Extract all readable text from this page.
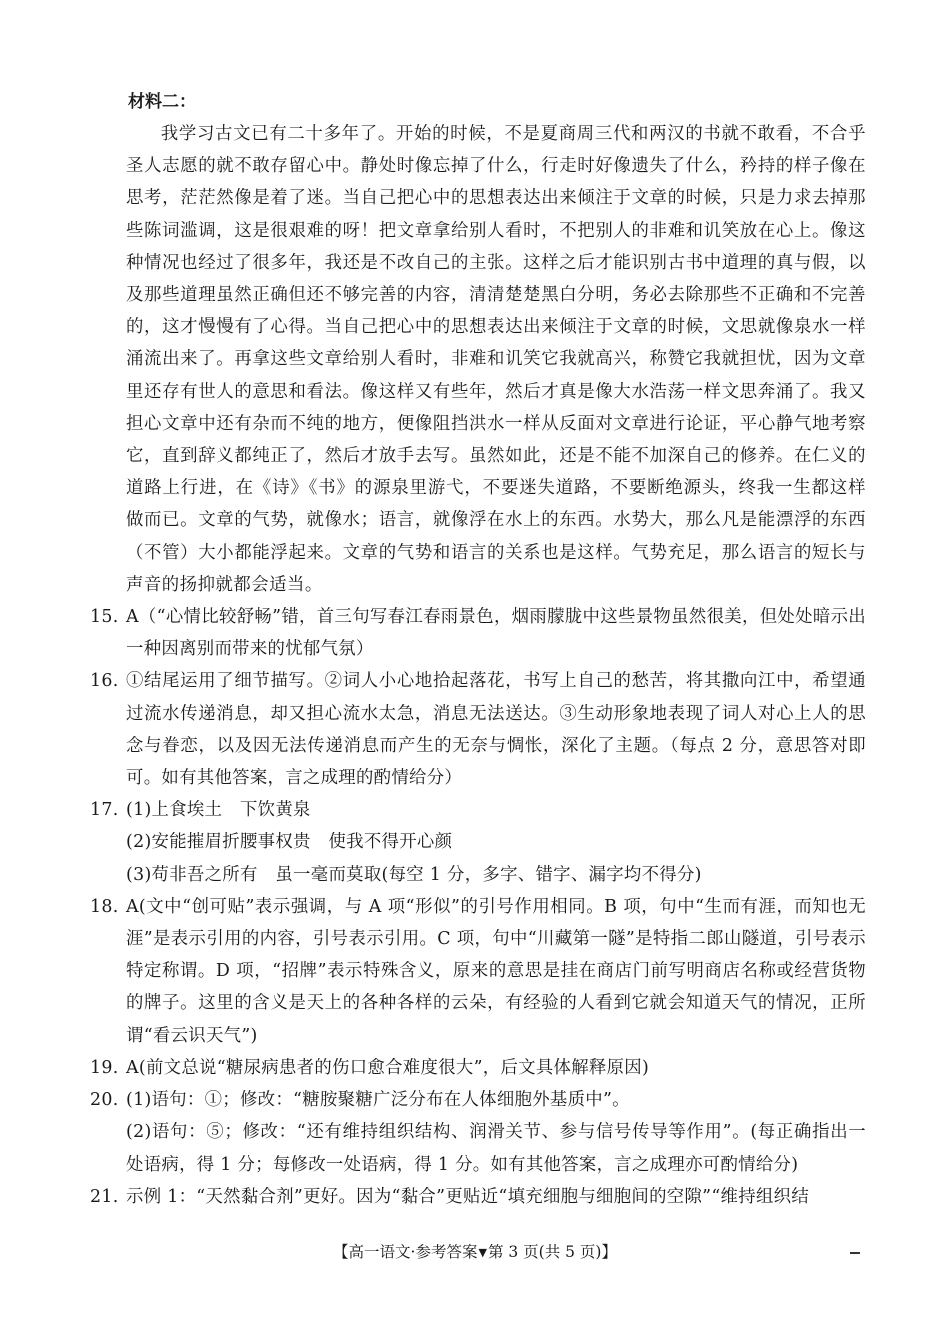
材料二：

我学习古文已有二十多年了。开始的时候，不是夏商周三代和两汉的书就不敢看，不合乎圣人志愿的就不敢存留心中。静处时像忘掉了什么，行走时好像遗失了什么，矜持的样子像在思考，茫茫然像是着了迷。当自己把心中的思想表达出来倾注于文章的时候，只是力求去掉那些陈词滥调，这是很艰难的呀！把文章拿给别人看时，不把别人的非难和讥笑放在心上。像这种情况也经过了很多年，我还是不改自己的主张。这样之后才能识别古书中道理的真与假，以及那些道理虽然正确但还不够完善的内容，清清楚楚黑白分明，务必去除那些不正确和不完善的，这才慢慢有了心得。当自己把心中的思想表达出来倾注于文章的时候，文思就像泉水一样涌流出来了。再拿这些文章给别人看时，非难和讥笑它我就高兴，称赞它我就担忧，因为文章里还存有世人的意思和看法。像这样又有些年，然后才真是像大水浩荡一样文思奔涌了。我又担心文章中还有杂而不纯的地方，便像阻挡洪水一样从反面对文章进行论证，平心静气地考察它，直到辞义都纯正了，然后才放手去写。虽然如此，还是不能不加深自己的修养。在仁义的道路上行进，在《诗》《书》的源泉里游弋，不要迷失道路，不要断绝源头，终我一生都这样做而已。文章的气势，就像水；语言，就像浮在水上的东西。水势大，那么凡是能漂浮的东西（不管）大小都能浮起来。文章的气势和语言的关系也是这样。气势充足，那么语言的短长与声音的扬抑就都会适当。

15. A（“心情比较舒畅”错，首三句写春江春雨景色，烟雨朦胧中这些景物虽然很美，但处处暗示出一种因离别而带来的忧郁气氛）
16. ①结尾运用了细节描写。②词人小心地拾起落花，书写上自己的愁苦，将其撒向江中，希望通过流水传递消息，却又担心流水太急，消息无法送达。③生动形象地表现了词人对心上人的思念与眷恋，以及因无法传递消息而产生的无奈与惆怅，深化了主题。（每点 2 分，意思答对即可。如有其他答案，言之成理的酌情给分）
17. (1)上食埃土　下饮黄泉
(2)安能摧眉折腰事权贵　使我不得开心颜
(3)苟非吾之所有　虽一毫而莫取(每空 1 分，多字、错字、漏字均不得分)
18. A(文中“创可贴”表示强调，与 A 项“形似”的引号作用相同。B 项，句中“生而有涯，而知也无涯”是表示引用的内容，引号表示引用。C 项，句中“川藏第一隧”是特指二郎山隧道，引号表示特定称谓。D 项，“招牌”表示特殊含义，原来的意思是挂在商店门前写明商店名称或经营货物的牌子。这里的含义是天上的各种各样的云朵，有经验的人看到它就会知道天气的情况，正所谓“看云识天气”)
19. A(前文总说“糖尿病患者的伤口愈合难度很大”，后文具体解释原因)
20. (1)语句：①；修改：“糖胺聚糖广泛分布在人体细胞外基质中”。
(2)语句：⑤；修改：“还有维持组织结构、润滑关节、参与信号传导等作用”。(每正确指出一处语病，得 1 分；每修改一处语病，得 1 分。如有其他答案，言之成理亦可酌情给分)
21. 示例 1：“天然黏合剂”更好。因为“黏合”更贴近“填充细胞与细胞间的空隙”“维持组织结
【高一语文·参考答案▼第 3 页(共 5 页)】
